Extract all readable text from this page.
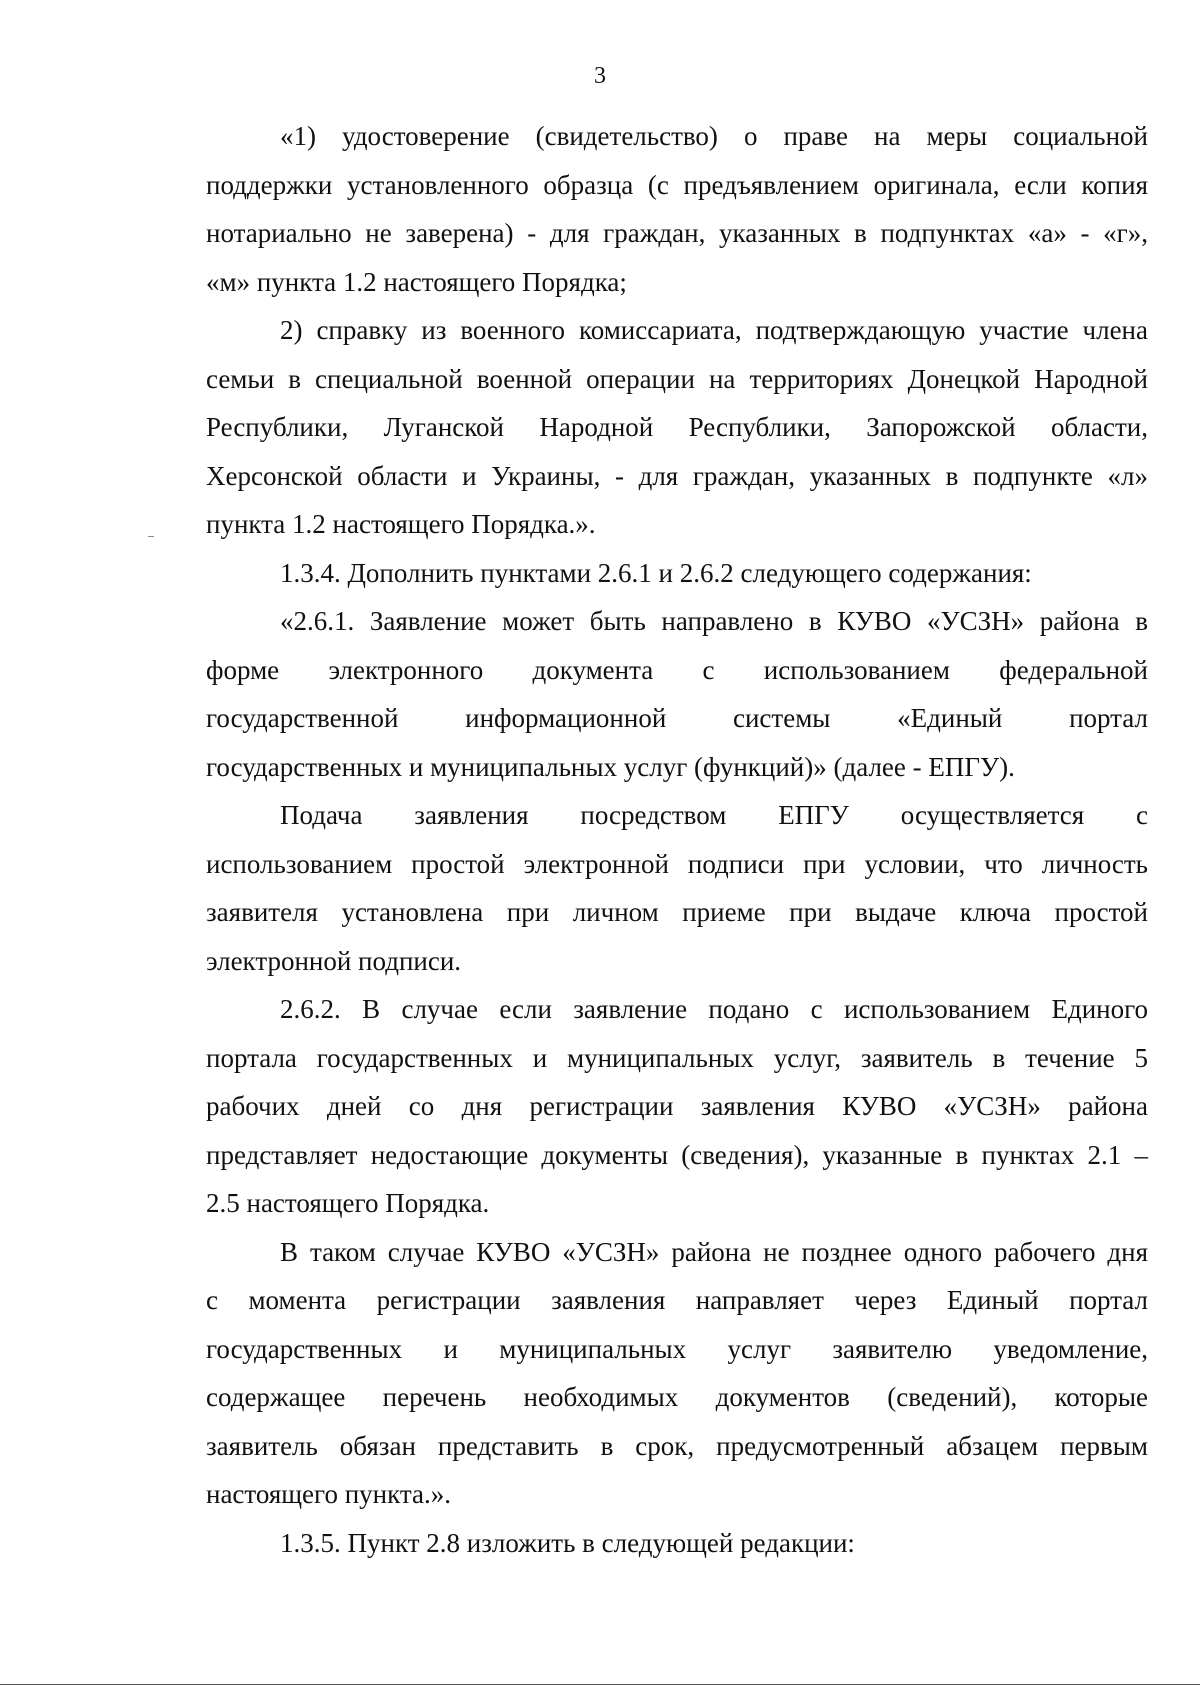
3

«1) удостоверение (свидетельство) о праве на меры социальной
поддержки установленного образца (с предъявлением оригинала, если копия
нотариально не заверена) - для граждан, указанных в подпунктах «а» - «г»,
«м» пункта 1.2 настоящего Порядка;

2) справку из военного комиссариата, подтверждающую участие члена
семьи в специальной военной операции на территориях Донецкой Народной
Республики, Луганской Народной Республики, Запорожской области,
Херсонской области и Украины, - для граждан, указанных в подпункте «л»
пункта 1.2 настоящего Порядка.».

1.3.4. Дополнить пунктами 2.6.1 и 2.6.2 следующего содержания:

«2.6.1. Заявление может быть направлено в КУВО «УСЗН» района в
форме электронного документа с использованием федеральной
государственной информационной системы «Единый портал
государственных и муниципальных услуг (функций)» (далее - ЕПГУ).

Подача заявления посредством ЕПГУ осуществляется с
использованием простой электронной подписи при условии, что личность
заявителя установлена при личном приеме при выдаче ключа простой
электронной подписи.

2.6.2. В случае если заявление подано с использованием Единого
портала государственных и муниципальных услуг, заявитель в течение 5
рабочих дней со дня регистрации заявления КУВО «УСЗН» района
представляет недостающие документы (сведения), указанные в пунктах 2.1 –
2.5 настоящего Порядка.

В таком случае КУВО «УСЗН» района не позднее одного рабочего дня
с момента регистрации заявления направляет через Единый портал
государственных и муниципальных услуг заявителю уведомление,
содержащее перечень необходимых документов (сведений), которые
заявитель обязан представить в срок, предусмотренный абзацем первым
настоящего пункта.».

1.3.5. Пункт 2.8 изложить в следующей редакции:
